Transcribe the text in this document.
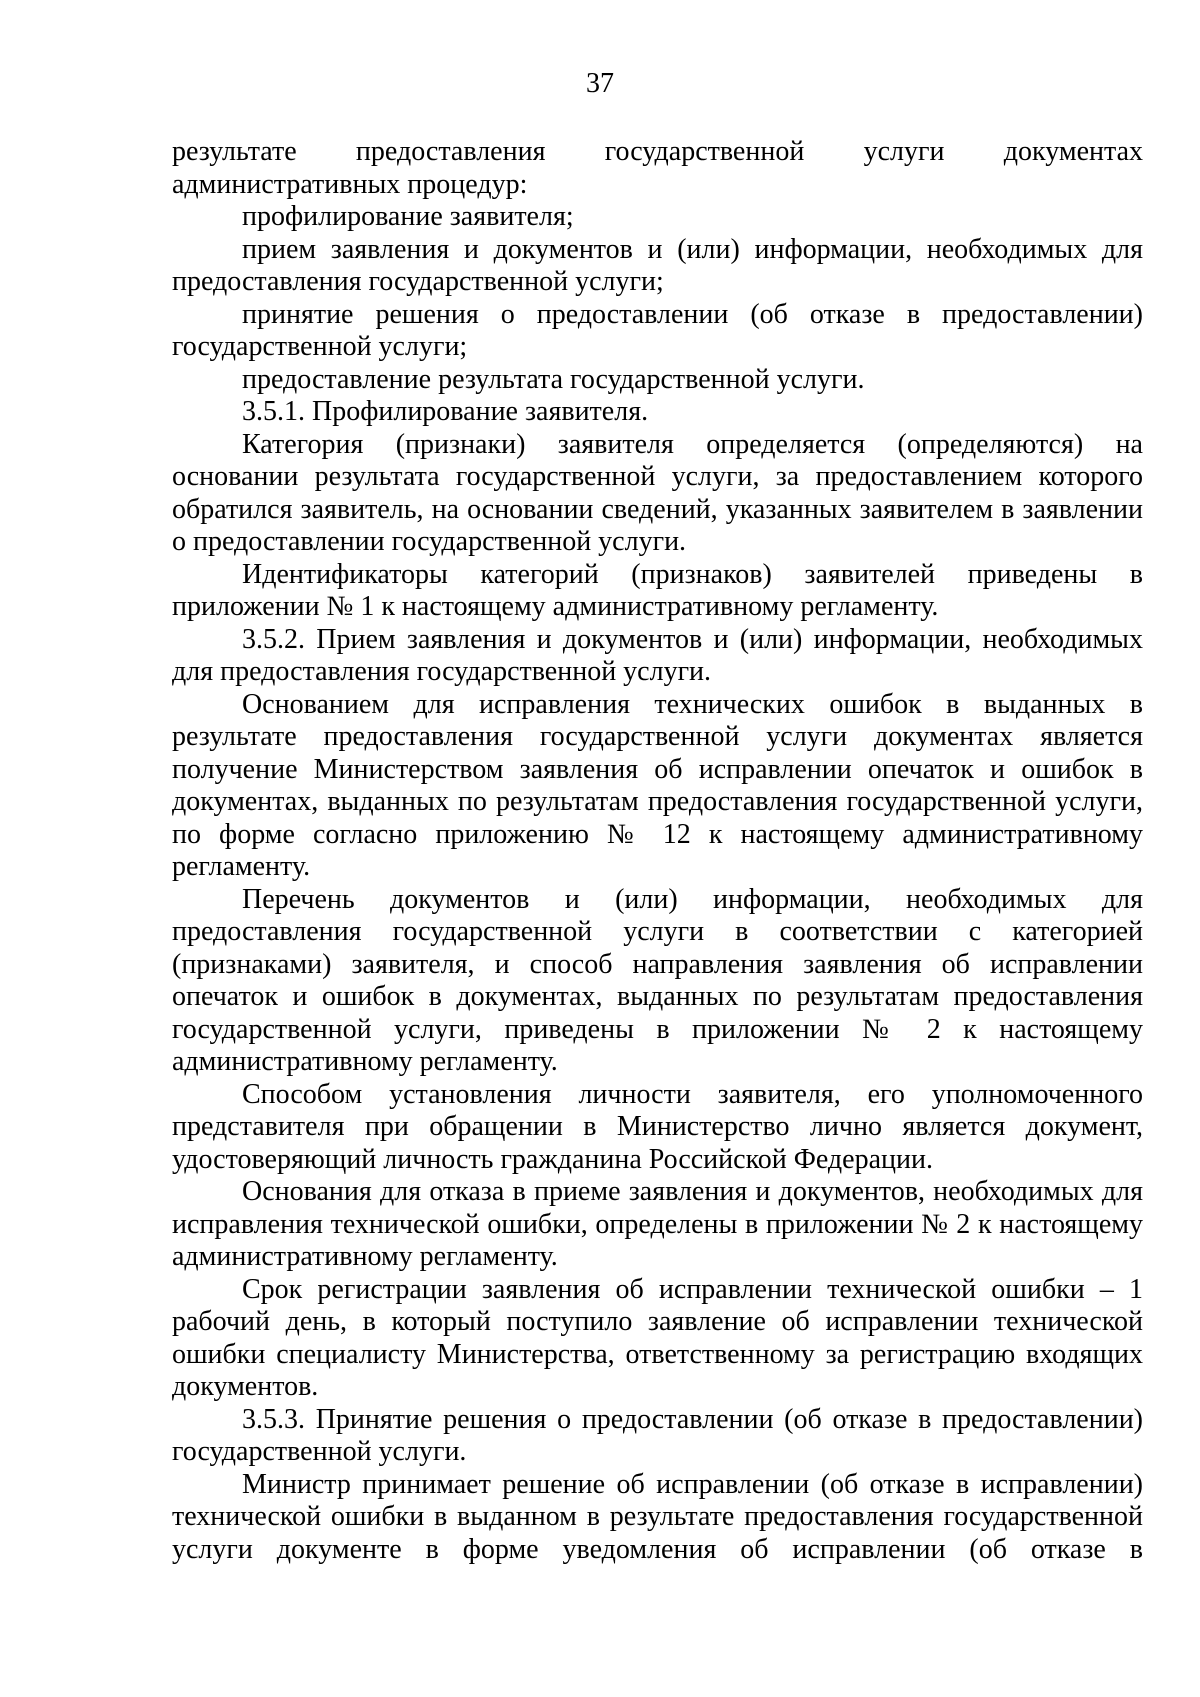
37

результате предоставления государственной услуги документах административных процедур:

профилирование заявителя;

прием заявления и документов и (или) информации, необходимых для предоставления государственной услуги;

принятие решения о предоставлении (об отказе в предоставлении) государственной услуги;

предоставление результата государственной услуги.

3.5.1. Профилирование заявителя.

Категория (признаки) заявителя определяется (определяются) на основании результата государственной услуги, за предоставлением которого обратился заявитель, на основании сведений, указанных заявителем в заявлении о предоставлении государственной услуги.

Идентификаторы категорий (признаков) заявителей приведены в приложении № 1 к настоящему административному регламенту.

3.5.2. Прием заявления и документов и (или) информации, необходимых для предоставления государственной услуги.

Основанием для исправления технических ошибок в выданных в результате предоставления государственной услуги документах является получение Министерством заявления об исправлении опечаток и ошибок в документах, выданных по результатам предоставления государственной услуги, по форме согласно приложению № 12 к настоящему административному регламенту.

Перечень документов и (или) информации, необходимых для предоставления государственной услуги в соответствии с категорией (признаками) заявителя, и способ направления заявления об исправлении опечаток и ошибок в документах, выданных по результатам предоставления государственной услуги, приведены в приложении № 2 к настоящему административному регламенту.

Способом установления личности заявителя, его уполномоченного представителя при обращении в Министерство лично является документ, удостоверяющий личность гражданина Российской Федерации.

Основания для отказа в приеме заявления и документов, необходимых для исправления технической ошибки, определены в приложении № 2 к настоящему административному регламенту.

Срок регистрации заявления об исправлении технической ошибки – 1 рабочий день, в который поступило заявление об исправлении технической ошибки специалисту Министерства, ответственному за регистрацию входящих документов.

3.5.3. Принятие решения о предоставлении (об отказе в предоставлении) государственной услуги.

Министр принимает решение об исправлении (об отказе в исправлении) технической ошибки в выданном в результате предоставления государственной услуги документе в форме уведомления об исправлении (об отказе в
